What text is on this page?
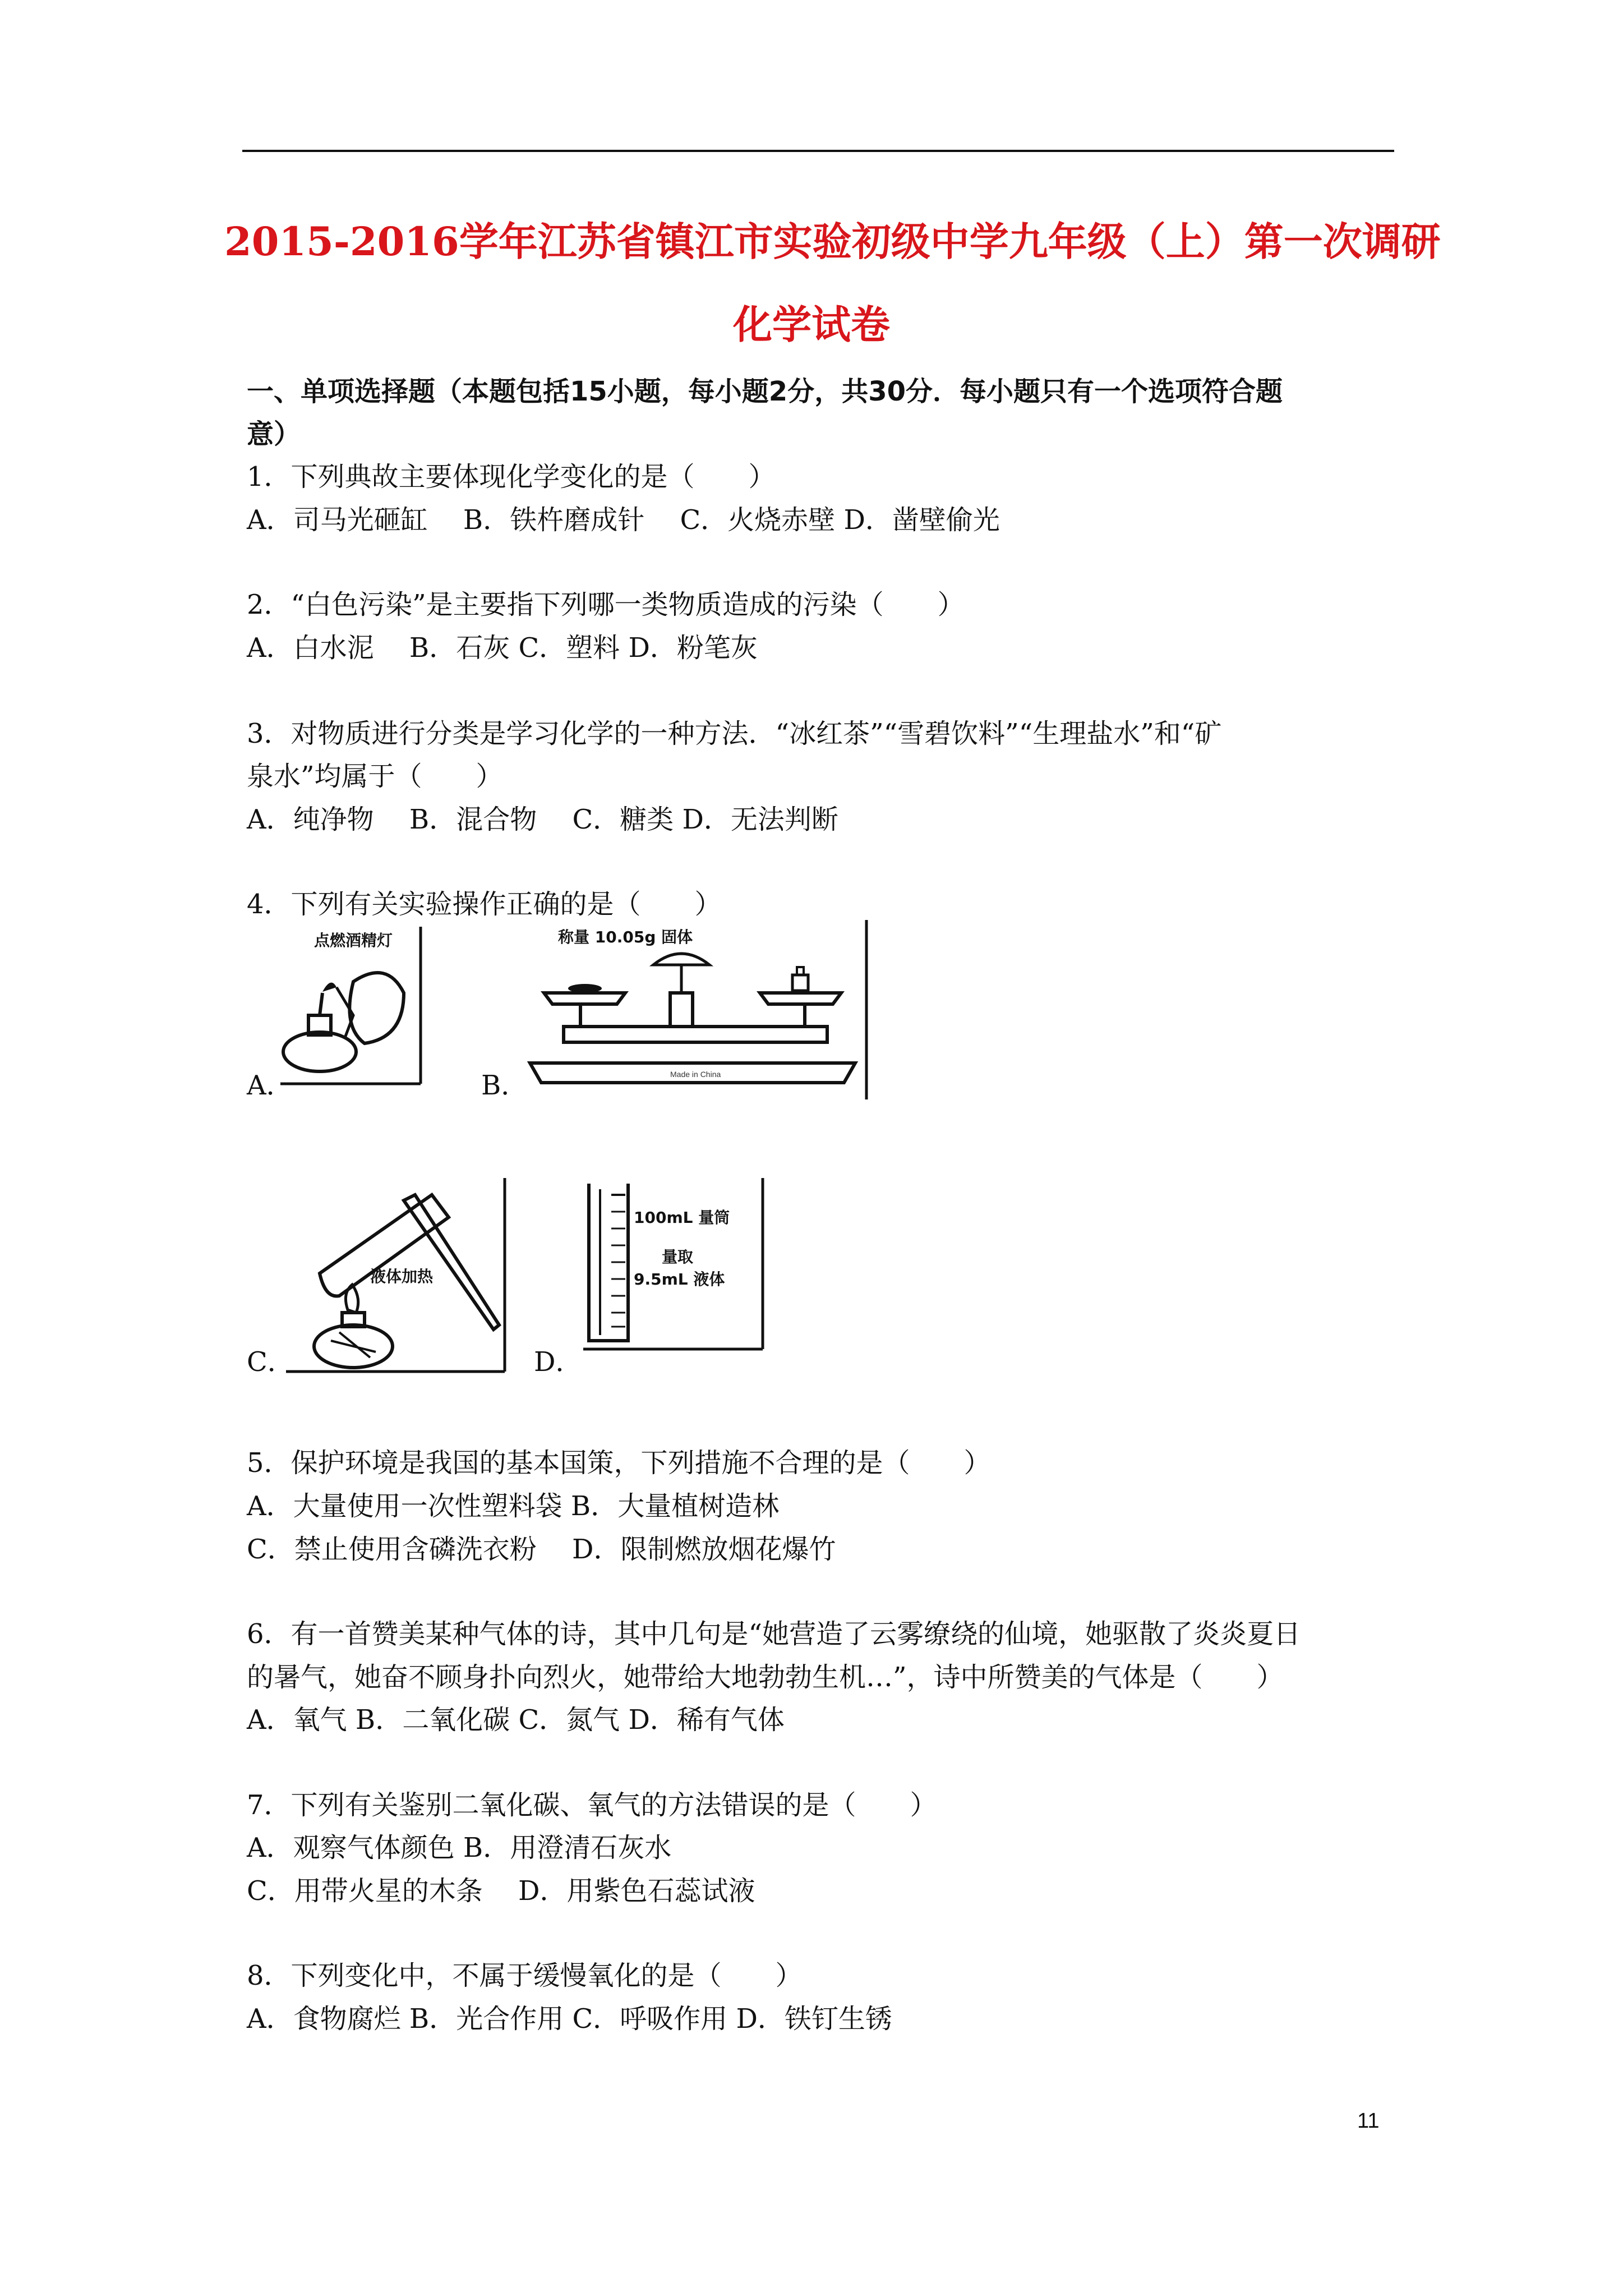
2015-2016学年江苏省镇江市实验初级中学九年级（上）第一次调研
化学试卷
一、单项选择题（本题包括15小题，每小题2分，共30分．每小题只有一个选项符合题
意）
1．下列典故主要体现化学变化的是（　　）
A．司马光砸缸　 B．铁杵磨成针　 C．火烧赤壁 D．凿壁偷光
2．“白色污染”是主要指下列哪一类物质造成的污染（　　）
A．白水泥　 B．石灰 C．塑料 D．粉笔灰
3．对物质进行分类是学习化学的一种方法．“冰红茶”“雪碧饮料”“生理盐水”和“矿
泉水”均属于（　　）
A．纯净物　 B．混合物　 C．糖类 D．无法判断
4．下列有关实验操作正确的是（　　）
点燃酒精灯
A．
称量 10.05g 固体
Made in China
B．
液体加热
C．
100mL 量筒
量取
9.5mL 液体
D．
5．保护环境是我国的基本国策，下列措施不合理的是（　　）
A．大量使用一次性塑料袋 B．大量植树造林
C．禁止使用含磷洗衣粉　 D．限制燃放烟花爆竹
6．有一首赞美某种气体的诗，其中几句是“她营造了云雾缭绕的仙境，她驱散了炎炎夏日
的暑气，她奋不顾身扑向烈火，她带给大地勃勃生机…”，诗中所赞美的气体是（　　）
A．氧气 B．二氧化碳 C．氮气 D．稀有气体
7．下列有关鉴别二氧化碳、氧气的方法错误的是（　　）
A．观察气体颜色 B．用澄清石灰水
C．用带火星的木条　 D．用紫色石蕊试液
8．下列变化中，不属于缓慢氧化的是（　　）
A．食物腐烂 B．光合作用 C．呼吸作用 D．铁钉生锈
11
